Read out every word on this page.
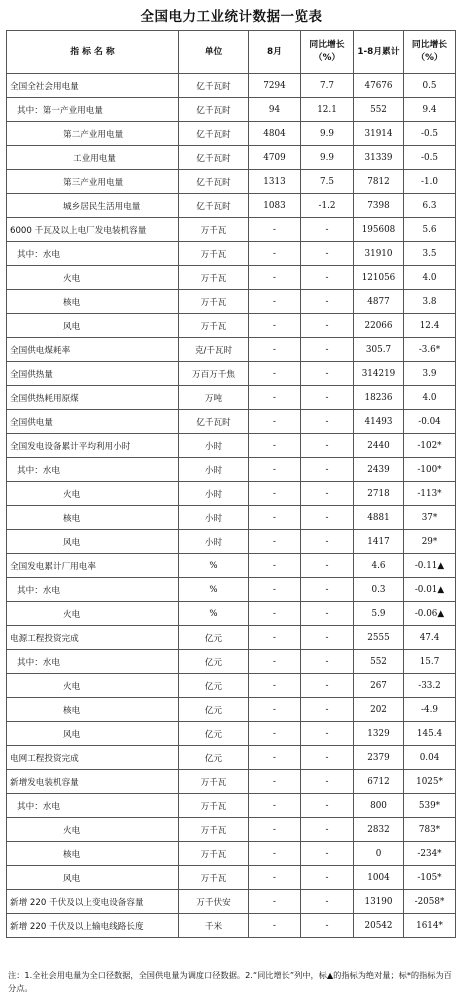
全国电力工业统计数据一览表
指 标 名 称	单位	8月	同比增长（%）	1-8月累计	同比增长（%）
全国全社会用电量	亿千瓦时	7294	7.7	47676	0.5
其中：第一产业用电量	亿千瓦时	94	12.1	552	9.4
第二产业用电量	亿千瓦时	4804	9.9	31914	-0.5
工业用电量	亿千瓦时	4709	9.9	31339	-0.5
第三产业用电量	亿千瓦时	1313	7.5	7812	-1.0
城乡居民生活用电量	亿千瓦时	1083	-1.2	7398	6.3
6000 千瓦及以上电厂发电装机容量	万千瓦	-	-	195608	5.6
其中：水电	万千瓦	-	-	31910	3.5
火电	万千瓦	-	-	121056	4.0
核电	万千瓦	-	-	4877	3.8
风电	万千瓦	-	-	22066	12.4
全国供电煤耗率	克/千瓦时	-	-	305.7	-3.6*
全国供热量	万百万千焦	-	-	314219	3.9
全国供热耗用原煤	万吨	-	-	18236	4.0
全国供电量	亿千瓦时	-	-	41493	-0.04
全国发电设备累计平均利用小时	小时	-	-	2440	-102*
其中：水电	小时	-	-	2439	-100*
火电	小时	-	-	2718	-113*
核电	小时	-	-	4881	37*
风电	小时	-	-	1417	29*
全国发电累计厂用电率	%	-	-	4.6	-0.11▲
其中：水电	%	-	-	0.3	-0.01▲
火电	%	-	-	5.9	-0.06▲
电源工程投资完成	亿元	-	-	2555	47.4
其中：水电	亿元	-	-	552	15.7
火电	亿元	-	-	267	-33.2
核电	亿元	-	-	202	-4.9
风电	亿元	-	-	1329	145.4
电网工程投资完成	亿元	-	-	2379	0.04
新增发电装机容量	万千瓦	-	-	6712	1025*
其中：水电	万千瓦	-	-	800	539*
火电	万千瓦	-	-	2832	783*
核电	万千瓦	-	-	0	-234*
风电	万千瓦	-	-	1004	-105*
新增 220 千伏及以上变电设备容量	万千伏安	-	-	13190	-2058*
新增 220 千伏及以上输电线路长度	千米	-	-	20542	1614*
注：1.全社会用电量为全口径数据，全国供电量为调度口径数据。2.“同比增长”列中，标▲的指标为绝对量；标*的指标为百分点。
